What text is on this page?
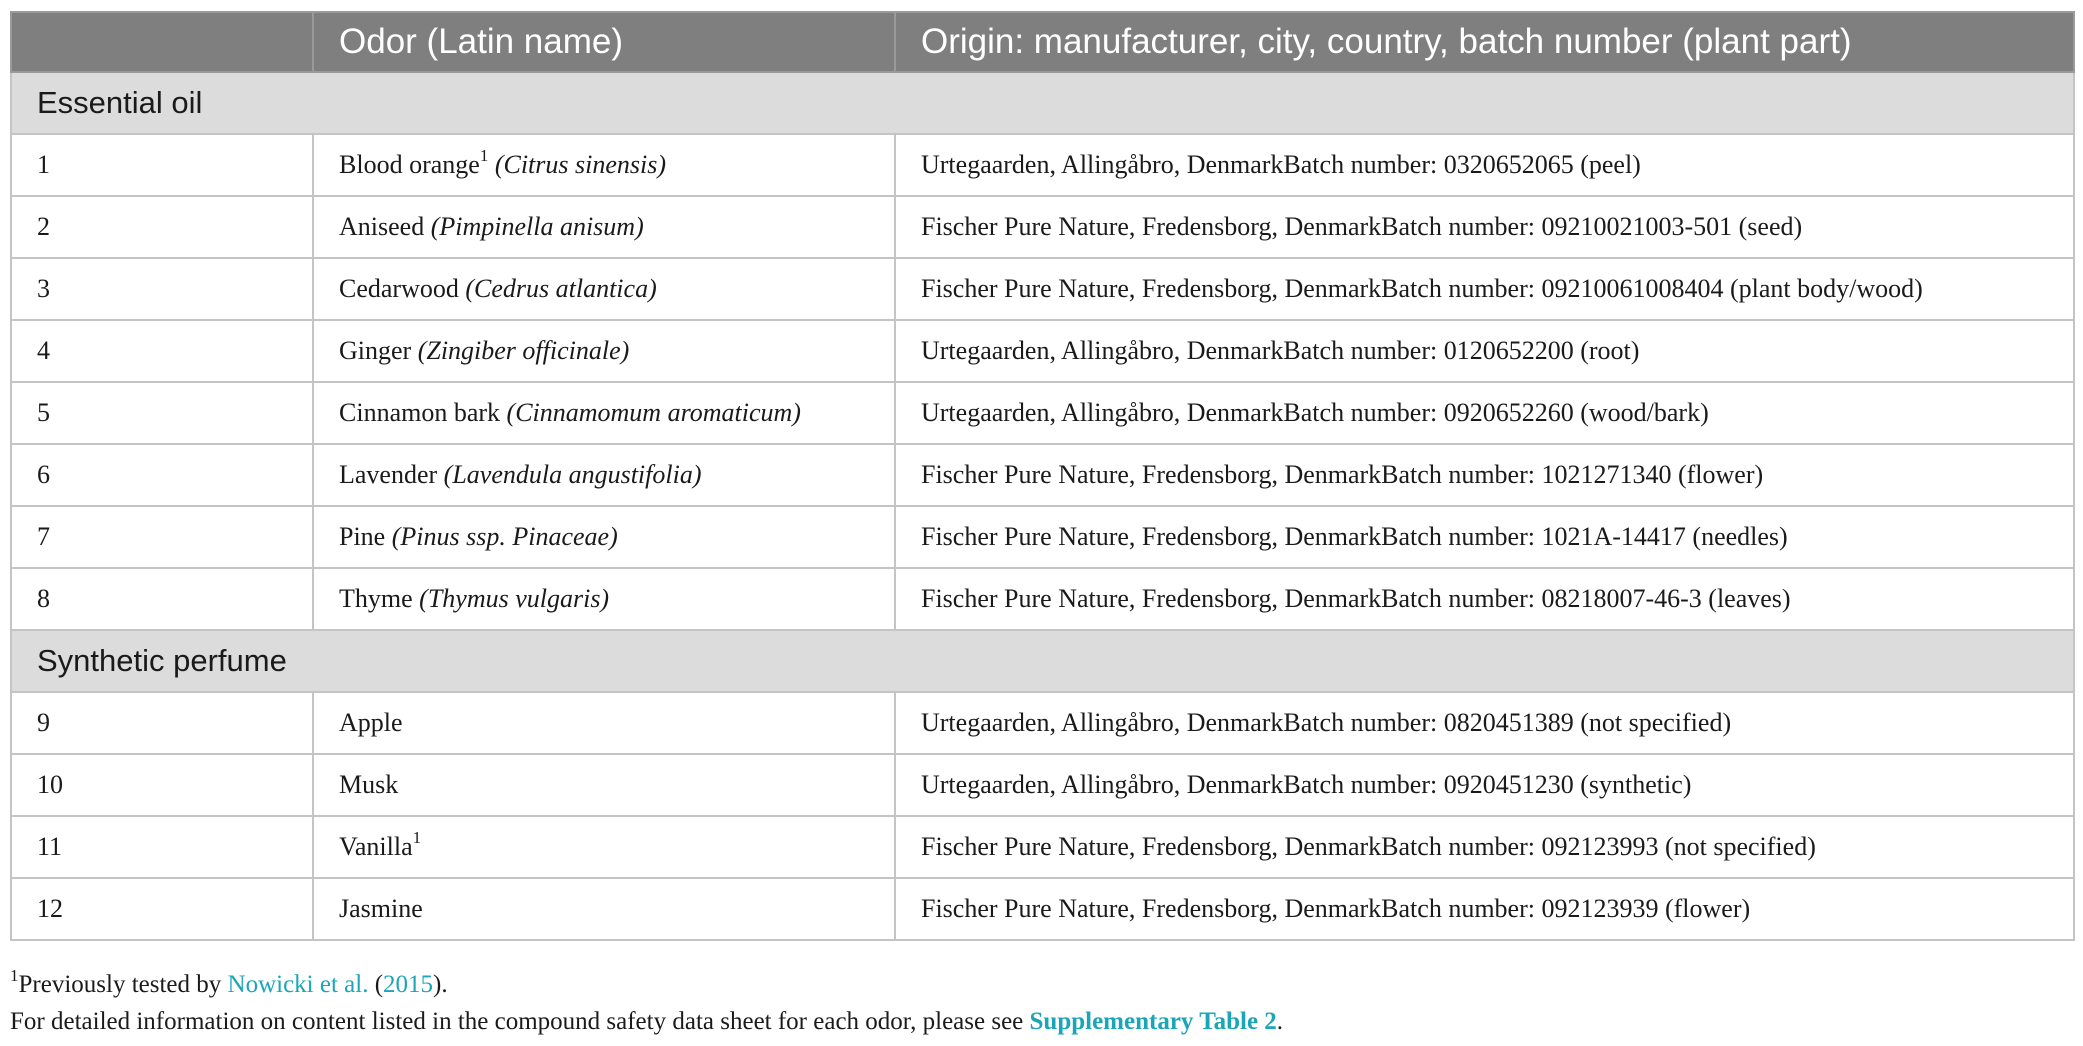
	Odor (Latin name)	Origin: manufacturer, city, country, batch number (plant part)
Essential oil		
1	Blood orange$^1$ (Citrus sinensis)	Urtegaarden, Allingåbro, DenmarkBatch number: 0320652065 (peel)
2	Aniseed (Pimpinella anisum)	Fischer Pure Nature, Fredensborg, DenmarkBatch number: 09210021003-501 (seed)
3	Cedarwood (Cedrus atlantica)	Fischer Pure Nature, Fredensborg, DenmarkBatch number: 09210061008404 (plant body/wood)
4	Ginger (Zingiber officinale)	Urtegaarden, Allingåbro, DenmarkBatch number: 0120652200 (root)
5	Cinnamon bark (Cinnamomum aromaticum)	Urtegaarden, Allingåbro, DenmarkBatch number: 0920652260 (wood/bark)
6	Lavender (Lavendula angustifolia)	Fischer Pure Nature, Fredensborg, DenmarkBatch number: 1021271340 (flower)
7	Pine (Pinus ssp. Pinaceae)	Fischer Pure Nature, Fredensborg, DenmarkBatch number: 1021A-14417 (needles)
8	Thyme (Thymus vulgaris)	Fischer Pure Nature, Fredensborg, DenmarkBatch number: 08218007-46-3 (leaves)
Synthetic perfume		
9	Apple	Urtegaarden, Allingåbro, DenmarkBatch number: 0820451389 (not specified)
10	Musk	Urtegaarden, Allingåbro, DenmarkBatch number: 0920451230 (synthetic)
11	Vanilla$^1$	Fischer Pure Nature, Fredensborg, DenmarkBatch number: 092123993 (not specified)
12	Jasmine	Fischer Pure Nature, Fredensborg, DenmarkBatch number: 092123939 (flower)
$^1$Previously tested by Nowicki et al. (2015).
For detailed information on content listed in the compound safety data sheet for each odor, please see Supplementary Table 2.
